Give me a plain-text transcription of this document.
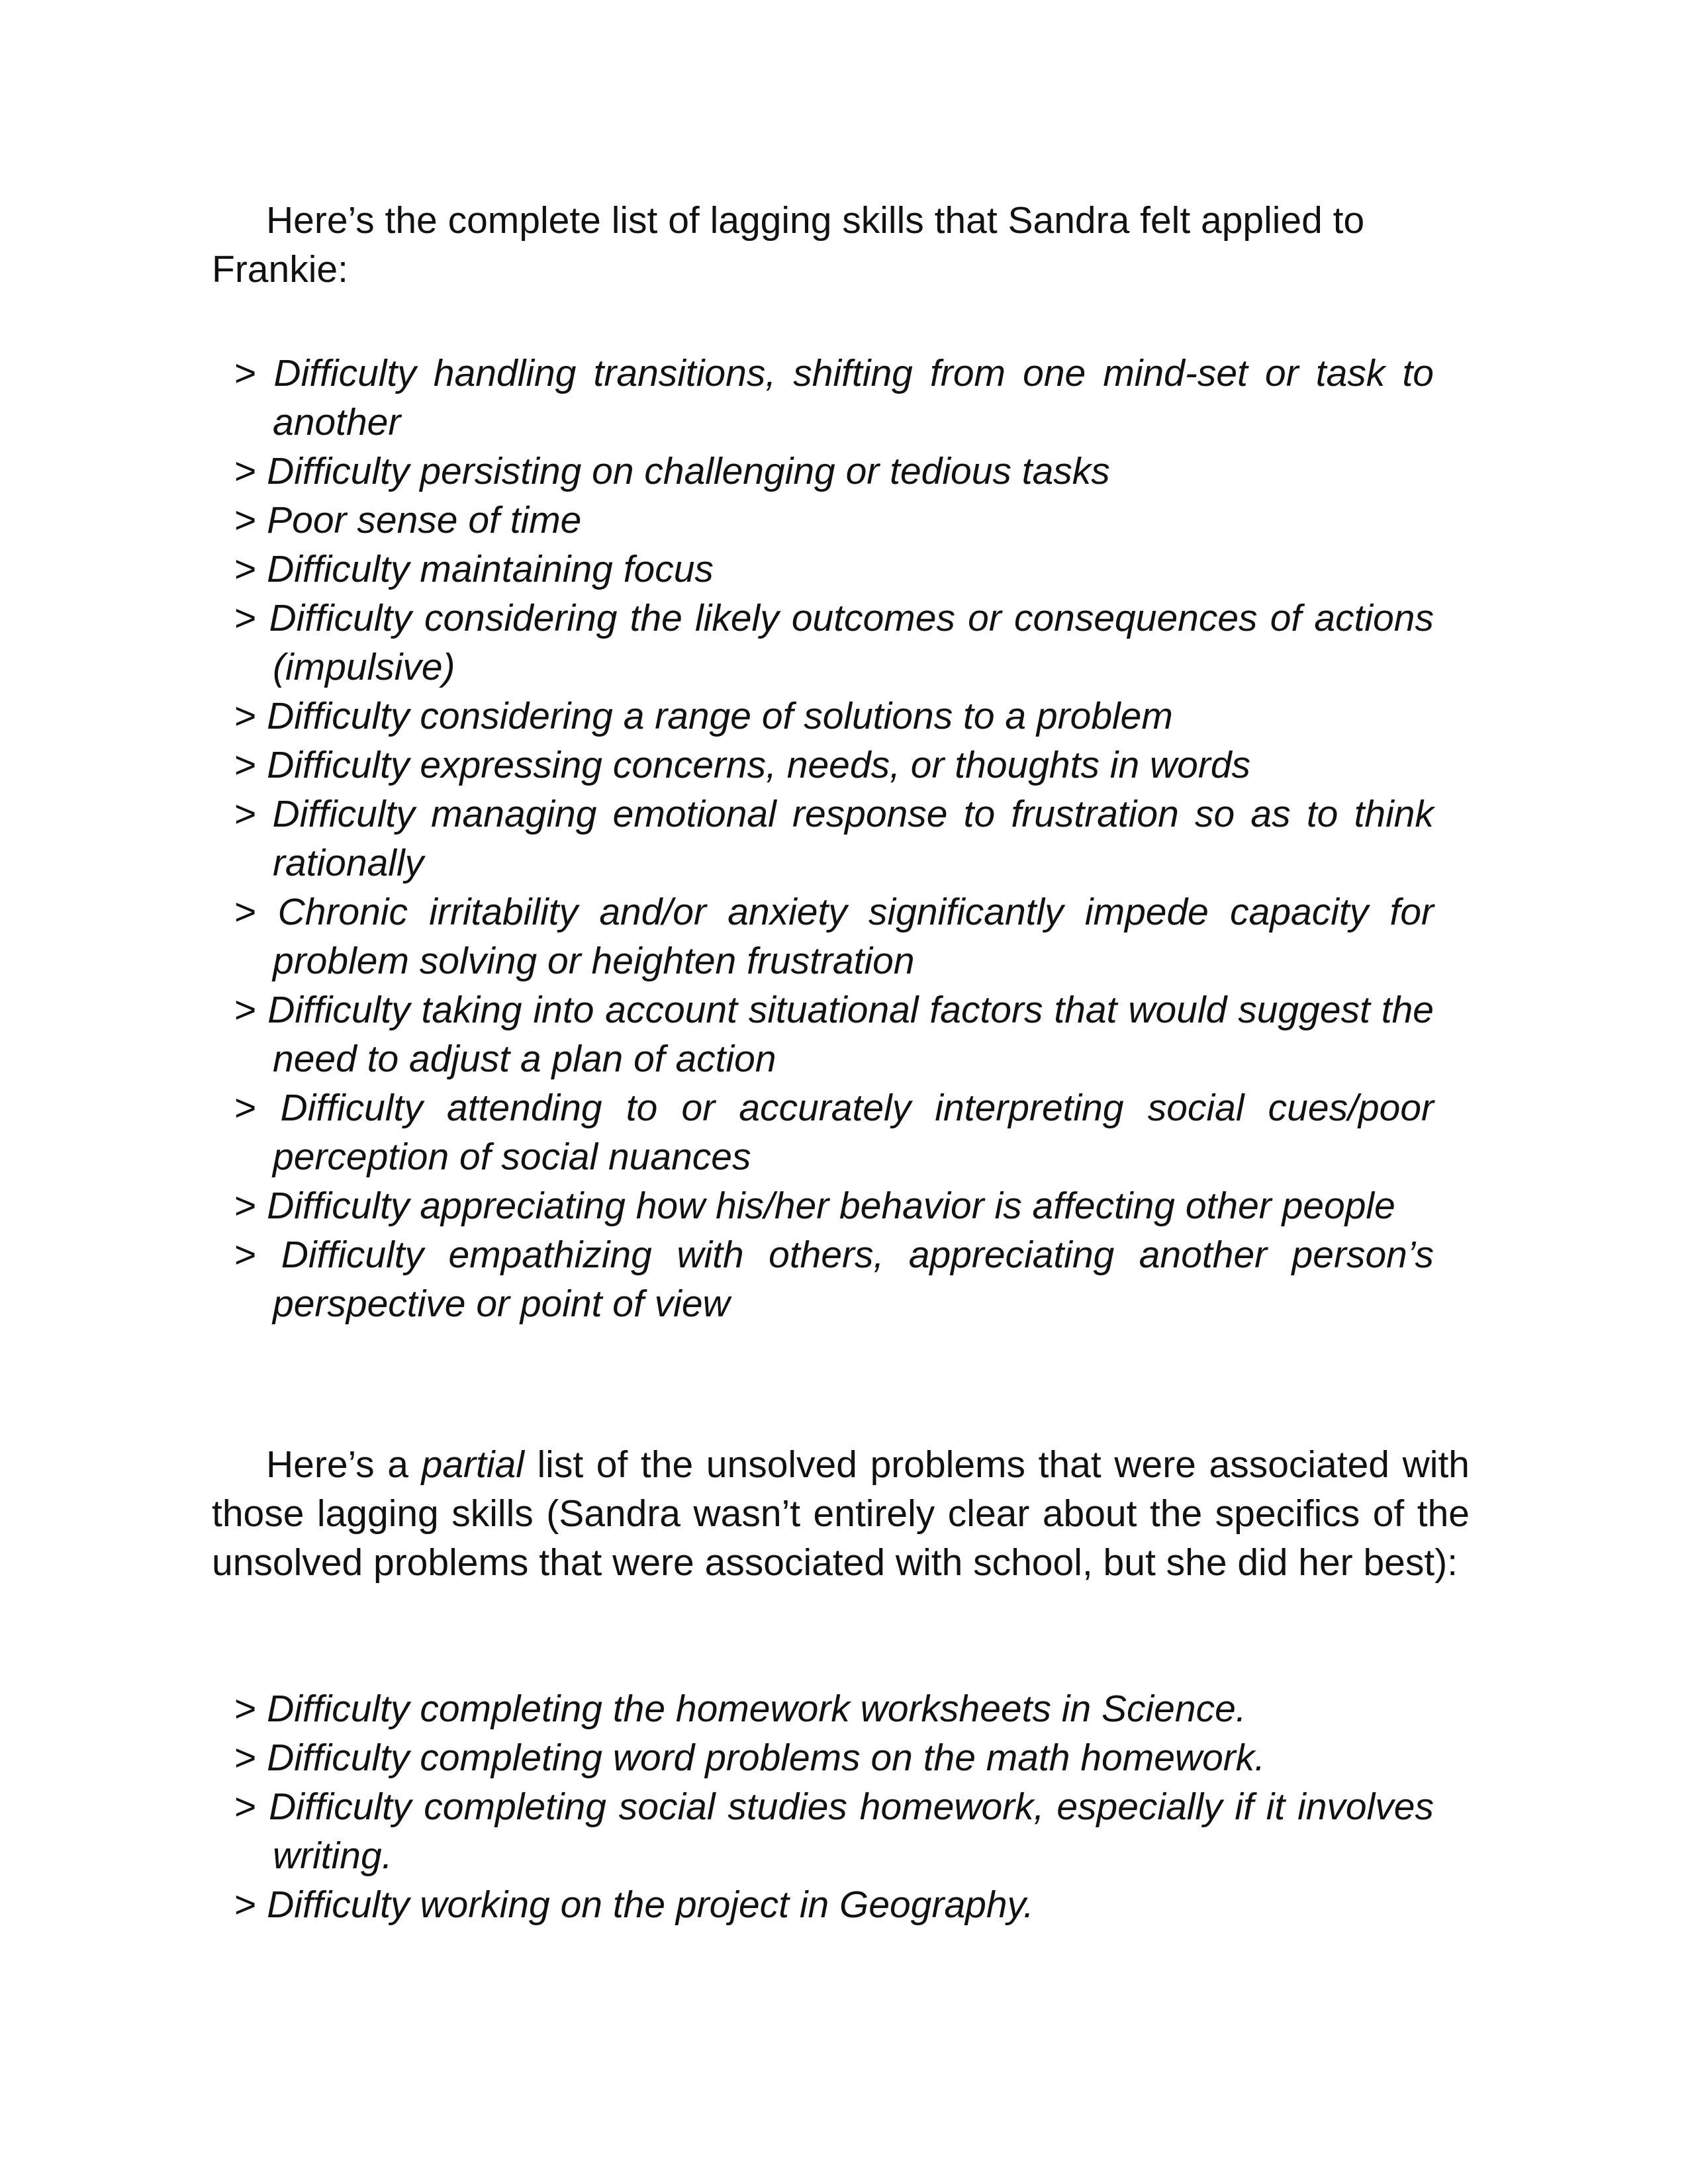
Here’s the complete list of lagging skills that Sandra felt applied to Frankie:

> Difficulty handling transitions, shifting from one mind-set or task to another
> Difficulty persisting on challenging or tedious tasks
> Poor sense of time
> Difficulty maintaining focus
> Difficulty considering the likely outcomes or consequences of actions (impulsive)
> Difficulty considering a range of solutions to a problem
> Difficulty expressing concerns, needs, or thoughts in words
> Difficulty managing emotional response to frustration so as to think rationally
> Chronic irritability and/or anxiety significantly impede capacity for problem solving or heighten frustration
> Difficulty taking into account situational factors that would suggest the need to adjust a plan of action
> Difficulty attending to or accurately interpreting social cues/poor perception of social nuances
> Difficulty appreciating how his/her behavior is affecting other people
> Difficulty empathizing with others, appreciating another person’s perspective or point of view

Here’s a partial list of the unsolved problems that were associated with those lagging skills (Sandra wasn’t entirely clear about the specifics of the unsolved problems that were associated with school, but she did her best):

> Difficulty completing the homework worksheets in Science.
> Difficulty completing word problems on the math homework.
> Difficulty completing social studies homework, especially if it involves writing.
> Difficulty working on the project in Geography.
